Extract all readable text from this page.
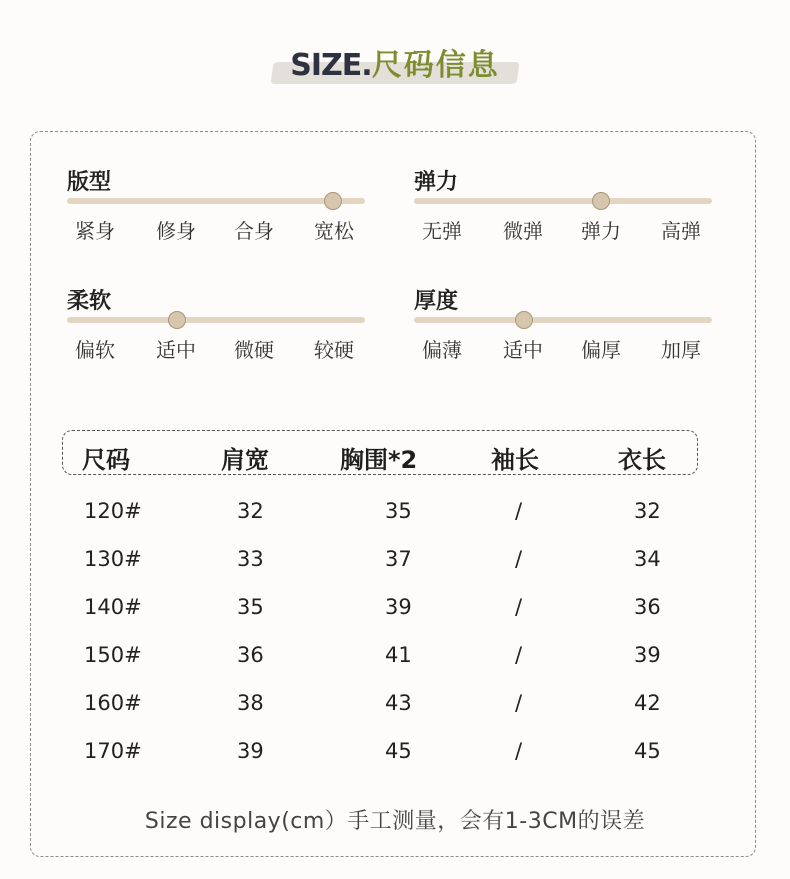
SIZE.尺码信息
版型
紧身 修身 合身 宽松
弹力
无弹 微弹 弹力 高弹
柔软
偏软 适中 微硬 较硬
厚度
偏薄 适中 偏厚 加厚
尺码	肩宽	胸围*2	袖长	衣长
120#	32	35	/	32
130#	33	37	/	34
140#	35	39	/	36
150#	36	41	/	39
160#	38	43	/	42
170#	39	45	/	45
Size display(cm）手工测量，会有1-3CM的误差
